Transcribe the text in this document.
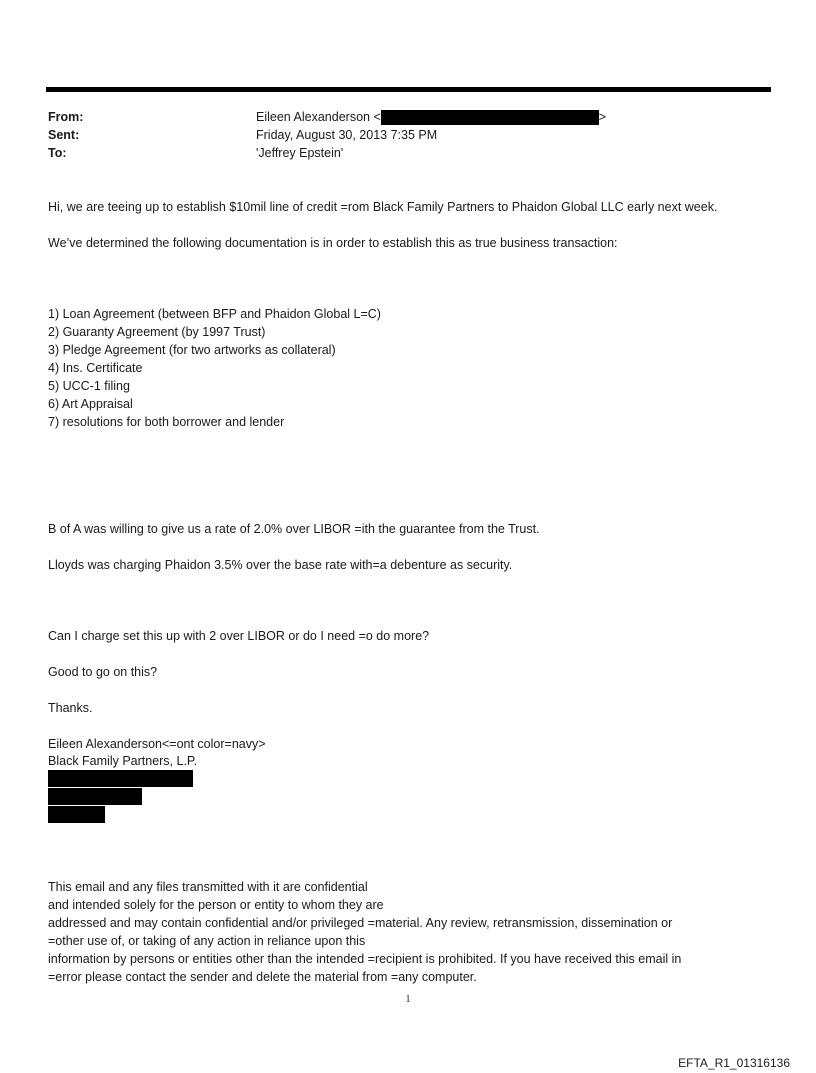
From:	Eileen Alexanderson <	>
Sent:	Friday, August 30, 2013 7:35 PM
To:	'Jeffrey Epstein'
Hi, we are teeing up to establish $10mil line of credit =rom Black Family Partners to Phaidon Global LLC early next week.
We’ve determined the following documentation is in order to establish this as true business transaction:
1) Loan Agreement (between BFP and Phaidon Global L=C)
2) Guaranty Agreement (by 1997 Trust)
3) Pledge Agreement (for two artworks as collateral)
4) Ins. Certificate
5) UCC-1 filing
6) Art Appraisal
7) resolutions for both borrower and lender
B of A was willing to give us a rate of 2.0% over LIBOR =ith the guarantee from the Trust.
Lloyds was charging Phaidon 3.5% over the base rate with=a debenture as security.
Can I charge set this up with 2 over LIBOR or do I need =o do more?
Good to go on this?
Thanks.
Eileen Alexanderson<=ont color=navy>
Black Family Partners, L.P.
This email and any files transmitted with it are confidential
and intended solely for the person or entity to whom they are
addressed and may contain confidential and/or privileged =material. Any review, retransmission, dissemination or
=other use of, or taking of any action in reliance upon this
information by persons or entities other than the intended =recipient is prohibited. If you have received this email in
=error please contact the sender and delete the material from =any computer.
1
EFTA_R1_01316136
